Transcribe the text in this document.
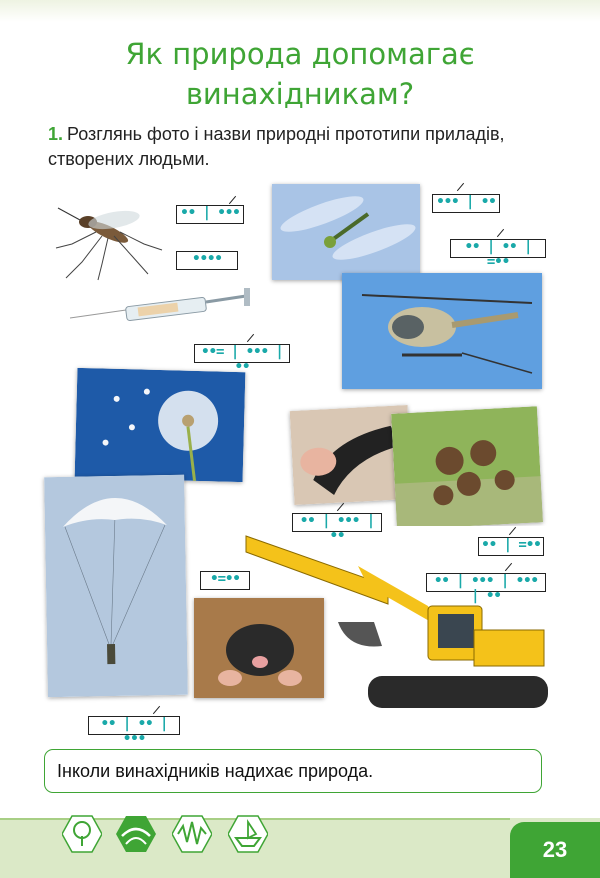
Як природа допомагає
винахідникам?
1. Розглянь фото і назви природні прототипи приладів, створених людьми.
•• | •••
••••
••• | ••
•• | •• | =••
••= | ••• | ••
•• | ••• | ••
•• | =••
•• | ••• | ••• | ••
•=••
•• | •• | •••
Інколи винахідників надихає природа.
23
